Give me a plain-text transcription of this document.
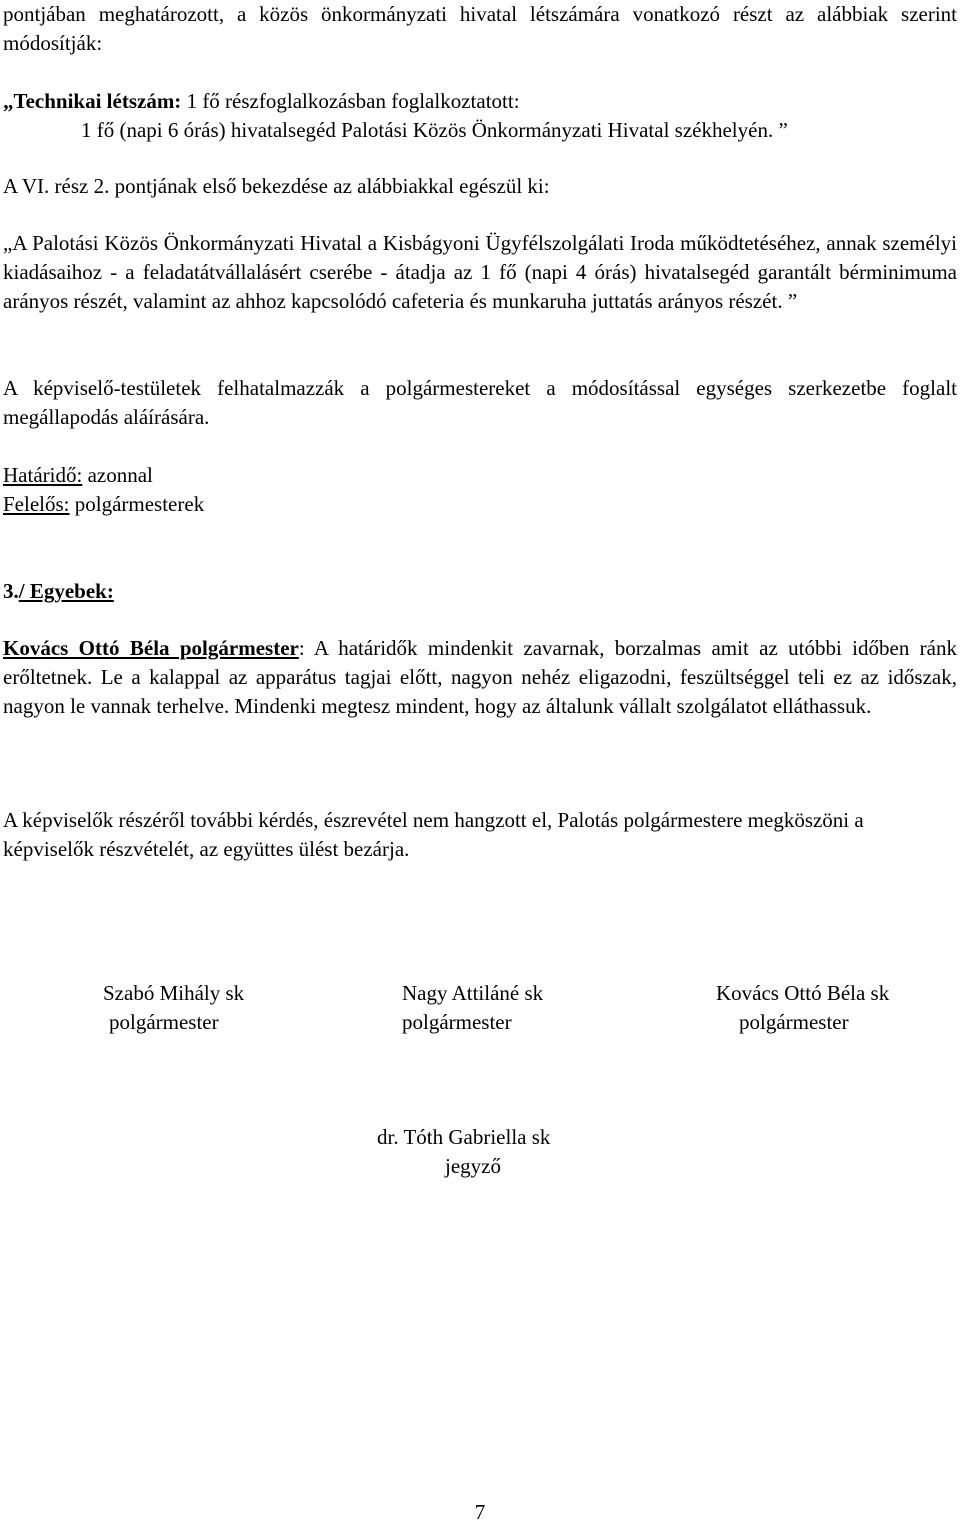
pontjában meghatározott, a közös önkormányzati hivatal létszámára vonatkozó részt az alábbiak szerint módosítják:

„Technikai létszám: 1 fő részfoglalkozásban foglalkoztatott:
1 fő (napi 6 órás) hivatalsegéd Palotási Közös Önkormányzati Hivatal székhelyén. ”

A VI. rész 2. pontjának első bekezdése az alábbiakkal egészül ki:

„A Palotási Közös Önkormányzati Hivatal a Kisbágyoni Ügyfélszolgálati Iroda működtetéséhez, annak személyi kiadásaihoz - a feladatátvállalásért cserébe - átadja az 1 fő (napi 4 órás) hivatalsegéd garantált bérminimuma arányos részét, valamint az ahhoz kapcsolódó cafeteria és munkaruha juttatás arányos részét. ”

A képviselő-testületek felhatalmazzák a polgármestereket a módosítással egységes szerkezetbe foglalt megállapodás aláírására.

Határidő: azonnal
Felelős: polgármesterek
3./ Egyebek:

Kovács Ottó Béla polgármester: A határidők mindenkit zavarnak, borzalmas amit az utóbbi időben ránk erőltetnek. Le a kalappal az apparátus tagjai előtt, nagyon nehéz eligazodni, feszültséggel teli ez az időszak, nagyon le vannak terhelve. Mindenki megtesz mindent, hogy az általunk vállalt szolgálatot elláthassuk.

A képviselők részéről további kérdés, észrevétel nem hangzott el, Palotás polgármestere megköszöni a képviselők részvételét, az együttes ülést bezárja.

Szabó Mihály sk
polgármester
Nagy Attiláné sk
polgármester
Kovács Ottó Béla sk
polgármester
dr. Tóth Gabriella sk
jegyző
7
